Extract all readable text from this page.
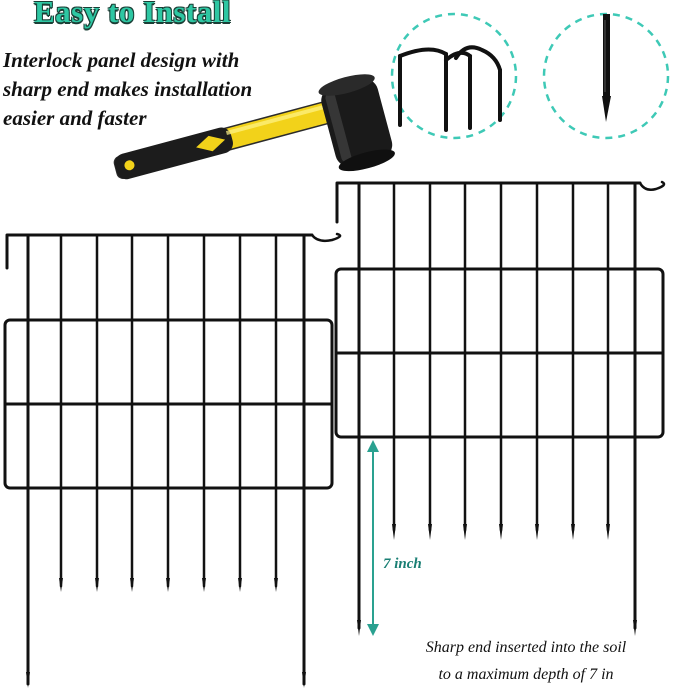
Easy to Install
Interlock panel design with
sharp end makes installation
easier and faster
7 inch
Sharp end inserted into the soil
to a maximum depth of 7 in
